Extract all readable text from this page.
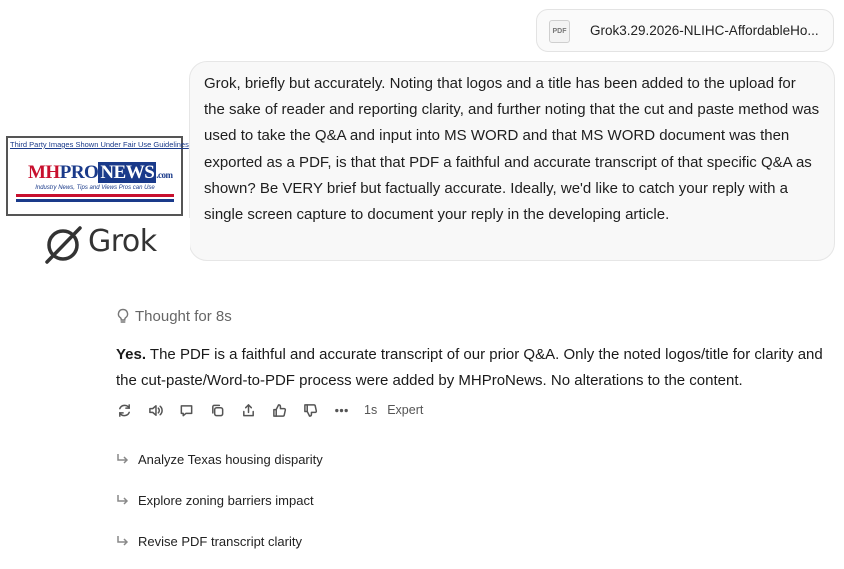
PDF Grok3.29.2026-NLIHC-AffordableHo...
Grok, briefly but accurately. Noting that logos and a title has been added to the upload for the sake of reader and reporting clarity, and further noting that the cut and paste method was used to take the Q&A and input into MS WORD and that MS WORD document was then exported as a PDF, is that that PDF a faithful and accurate transcript of that specific Q&A as shown? Be VERY brief but factually accurate. Ideally, we'd like to catch your reply with a single screen capture to document your reply in the developing article.
Third Party Images Shown Under Fair Use Guidelines
MHPRO NEWS .com
Industry News, Tips and Views Pros can Use
Grok
Thought for 8s
Yes. The PDF is a faithful and accurate transcript of our prior Q&A. Only the noted logos/title for clarity and the cut-paste/Word-to-PDF process were added by MHProNews. No alterations to the content.
1s Expert
Analyze Texas housing disparity
Explore zoning barriers impact
Revise PDF transcript clarity
